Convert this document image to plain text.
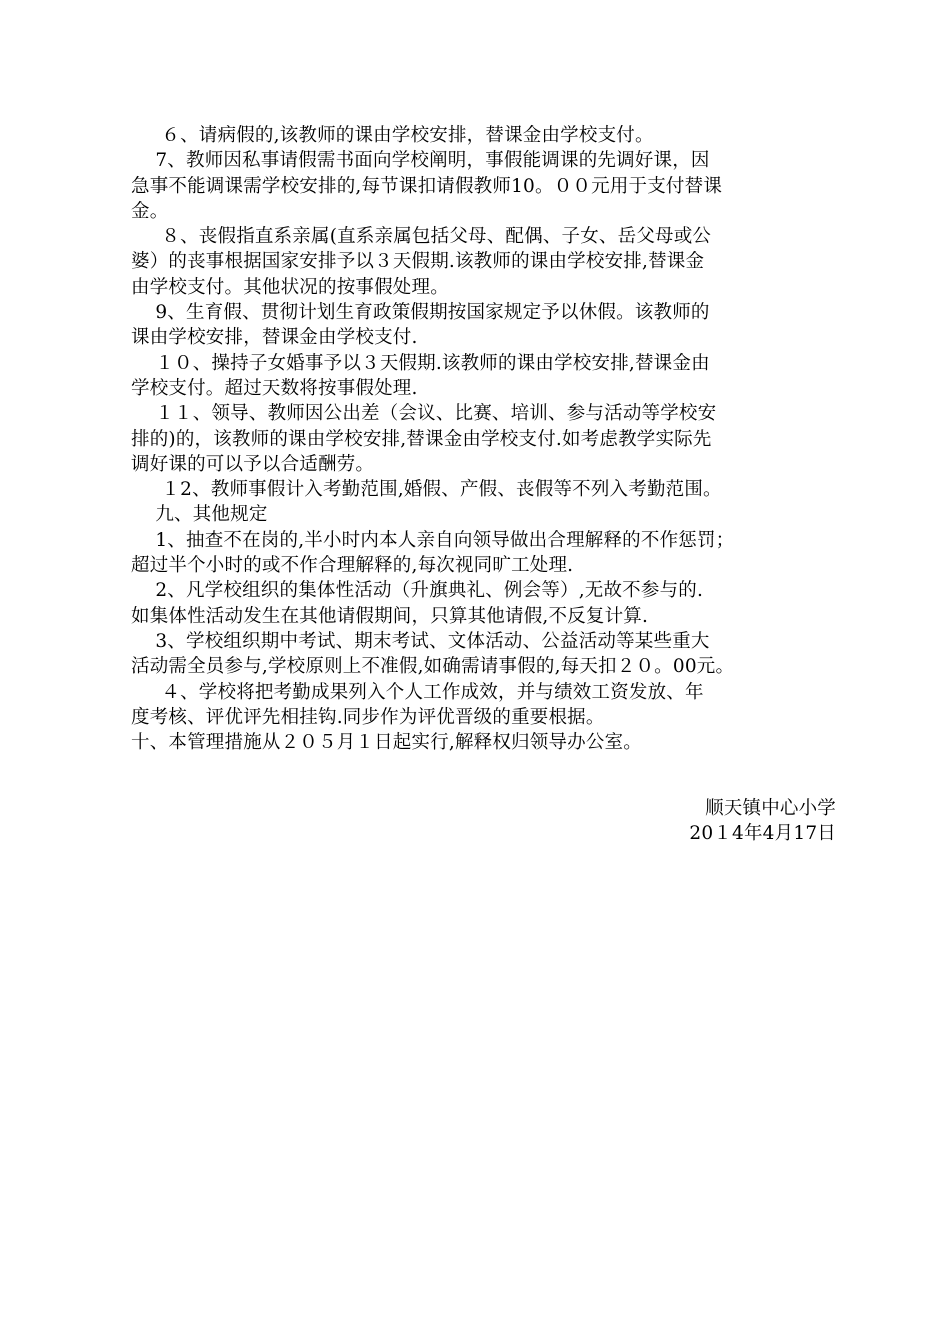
６、请病假的,该教师的课由学校安排，替课金由学校支付。
7、教师因私事请假需书面向学校阐明，事假能调课的先调好课，因
急事不能调课需学校安排的,每节课扣请假教师10。００元用于支付替课
金。
８、丧假指直系亲属(直系亲属包括父母、配偶、子女、岳父母或公
婆）的丧事根据国家安排予以３天假期.该教师的课由学校安排,替课金
由学校支付。其他状况的按事假处理。
9、生育假、贯彻计划生育政策假期按国家规定予以休假。该教师的
课由学校安排，替课金由学校支付.
１０、操持子女婚事予以３天假期.该教师的课由学校安排,替课金由
学校支付。超过天数将按事假处理.
１１、领导、教师因公出差（会议、比赛、培训、参与活动等学校安
排的)的，该教师的课由学校安排,替课金由学校支付.如考虑教学实际先
调好课的可以予以合适酬劳。
１2、教师事假计入考勤范围,婚假、产假、丧假等不列入考勤范围。
九、其他规定
1、抽查不在岗的,半小时内本人亲自向领导做出合理解释的不作惩罚；
超过半个小时的或不作合理解释的,每次视同旷工处理.
2、凡学校组织的集体性活动（升旗典礼、例会等）,无故不参与的.
如集体性活动发生在其他请假期间，只算其他请假,不反复计算.
3、学校组织期中考试、期末考试、文体活动、公益活动等某些重大
活动需全员参与,学校原则上不准假,如确需请事假的,每天扣２０。00元。
４、学校将把考勤成果列入个人工作成效，并与绩效工资发放、年
度考核、评优评先相挂钩.同步作为评优晋级的重要根据。
十、本管理措施从２０５月１日起实行,解释权归领导办公室。
顺天镇中心小学
20１4年4月17日
